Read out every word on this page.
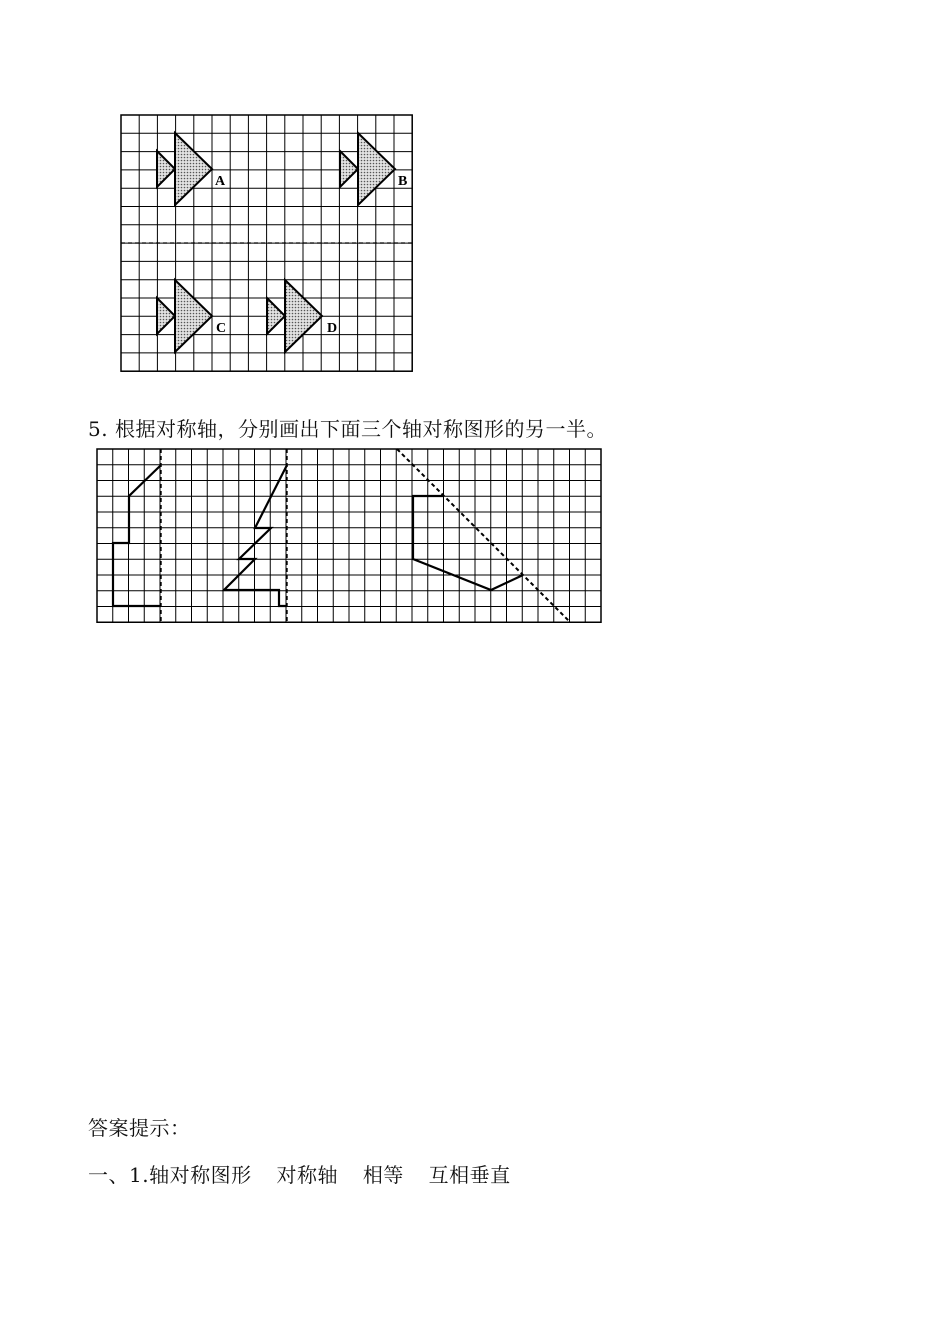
A	B
C	D
5. 根据对称轴，分别画出下面三个轴对称图形的另一半。
答案提示：
一、1.轴对称图形 对称轴 相等 互相垂直
